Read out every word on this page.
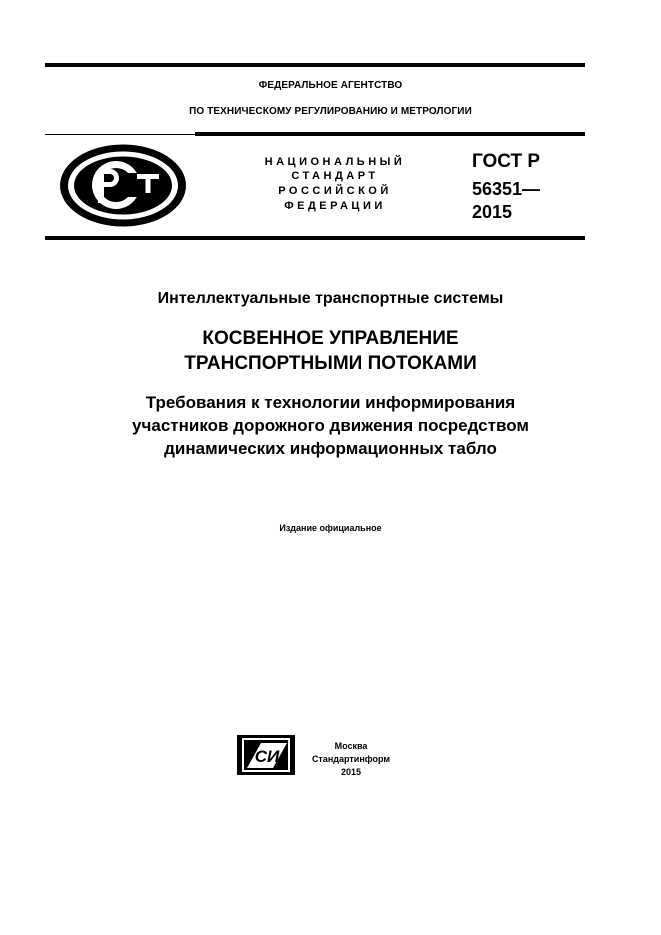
ФЕДЕРАЛЬНОЕ АГЕНТСТВО
ПО ТЕХНИЧЕСКОМУ РЕГУЛИРОВАНИЮ И МЕТРОЛОГИИ
НАЦИОНАЛЬНЫЙ
СТАНДАРТ
РОССИЙСКОЙ
ФЕДЕРАЦИИ
ГОСТ Р
56351—
2015
Интеллектуальные транспортные системы
КОСВЕННОЕ УПРАВЛЕНИЕ
ТРАНСПОРТНЫМИ ПОТОКАМИ
Требования к технологии информирования
участников дорожного движения посредством
динамических информационных табло
Издание официальное
СИ
Москва
Стандартинформ
2015
